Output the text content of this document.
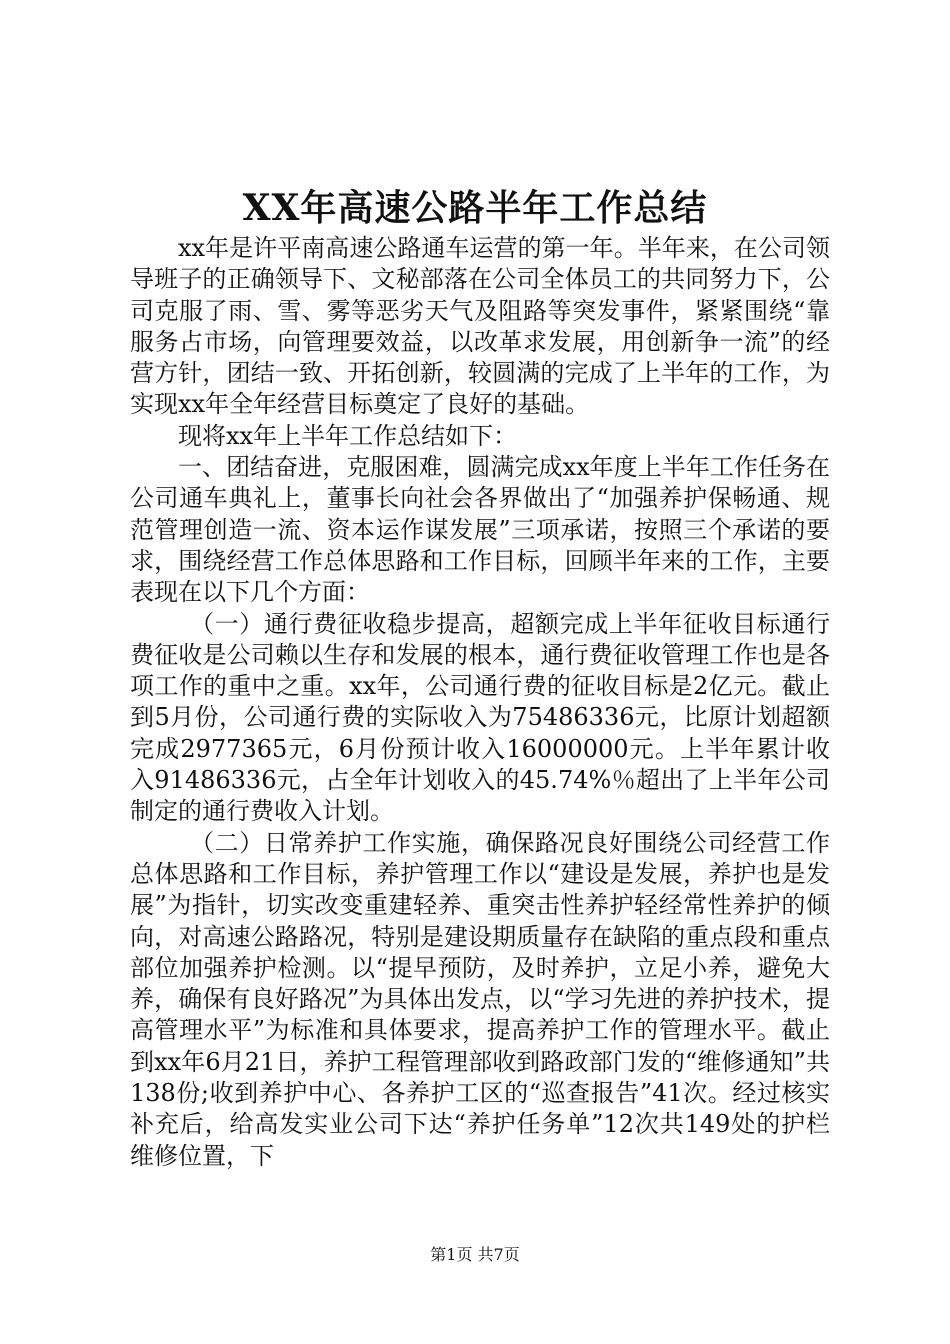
XX年高速公路半年工作总结

xx年是许平南高速公路通车运营的第一年。半年来，在公司领导班子的正确领导下、文秘部落在公司全体员工的共同努力下，公司克服了雨、雪、雾等恶劣天气及阻路等突发事件，紧紧围绕“靠服务占市场，向管理要效益，以改革求发展，用创新争一流”的经营方针，团结一致、开拓创新，较圆满的完成了上半年的工作，为实现xx年全年经营目标奠定了良好的基础。

现将xx年上半年工作总结如下：

一、团结奋进，克服困难，圆满完成xx年度上半年工作任务在公司通车典礼上，董事长向社会各界做出了“加强养护保畅通、规范管理创造一流、资本运作谋发展”三项承诺，按照三个承诺的要求，围绕经营工作总体思路和工作目标，回顾半年来的工作，主要表现在以下几个方面：

（一）通行费征收稳步提高，超额完成上半年征收目标通行费征收是公司赖以生存和发展的根本，通行费征收管理工作也是各项工作的重中之重。xx年，公司通行费的征收目标是2亿元。截止到5月份，公司通行费的实际收入为75486336元，比原计划超额完成2977365元，6月份预计收入16000000元。上半年累计收入91486336元，占全年计划收入的45.74%％超出了上半年公司制定的通行费收入计划。

（二）日常养护工作实施，确保路况良好围绕公司经营工作总体思路和工作目标，养护管理工作以“建设是发展，养护也是发展”为指针，切实改变重建轻养、重突击性养护轻经常性养护的倾向，对高速公路路况，特别是建设期质量存在缺陷的重点段和重点部位加强养护检测。以“提早预防，及时养护，立足小养，避免大养，确保有良好路况”为具体出发点，以“学习先进的养护技术，提高管理水平”为标准和具体要求，提高养护工作的管理水平。截止到xx年6月21日，养护工程管理部收到路政部门发的“维修通知”共138份;收到养护中心、各养护工区的“巡查报告”41次。经过核实补充后，给高发实业公司下达“养护任务单”12次共149处的护栏维修位置，下

第1页 共7页
